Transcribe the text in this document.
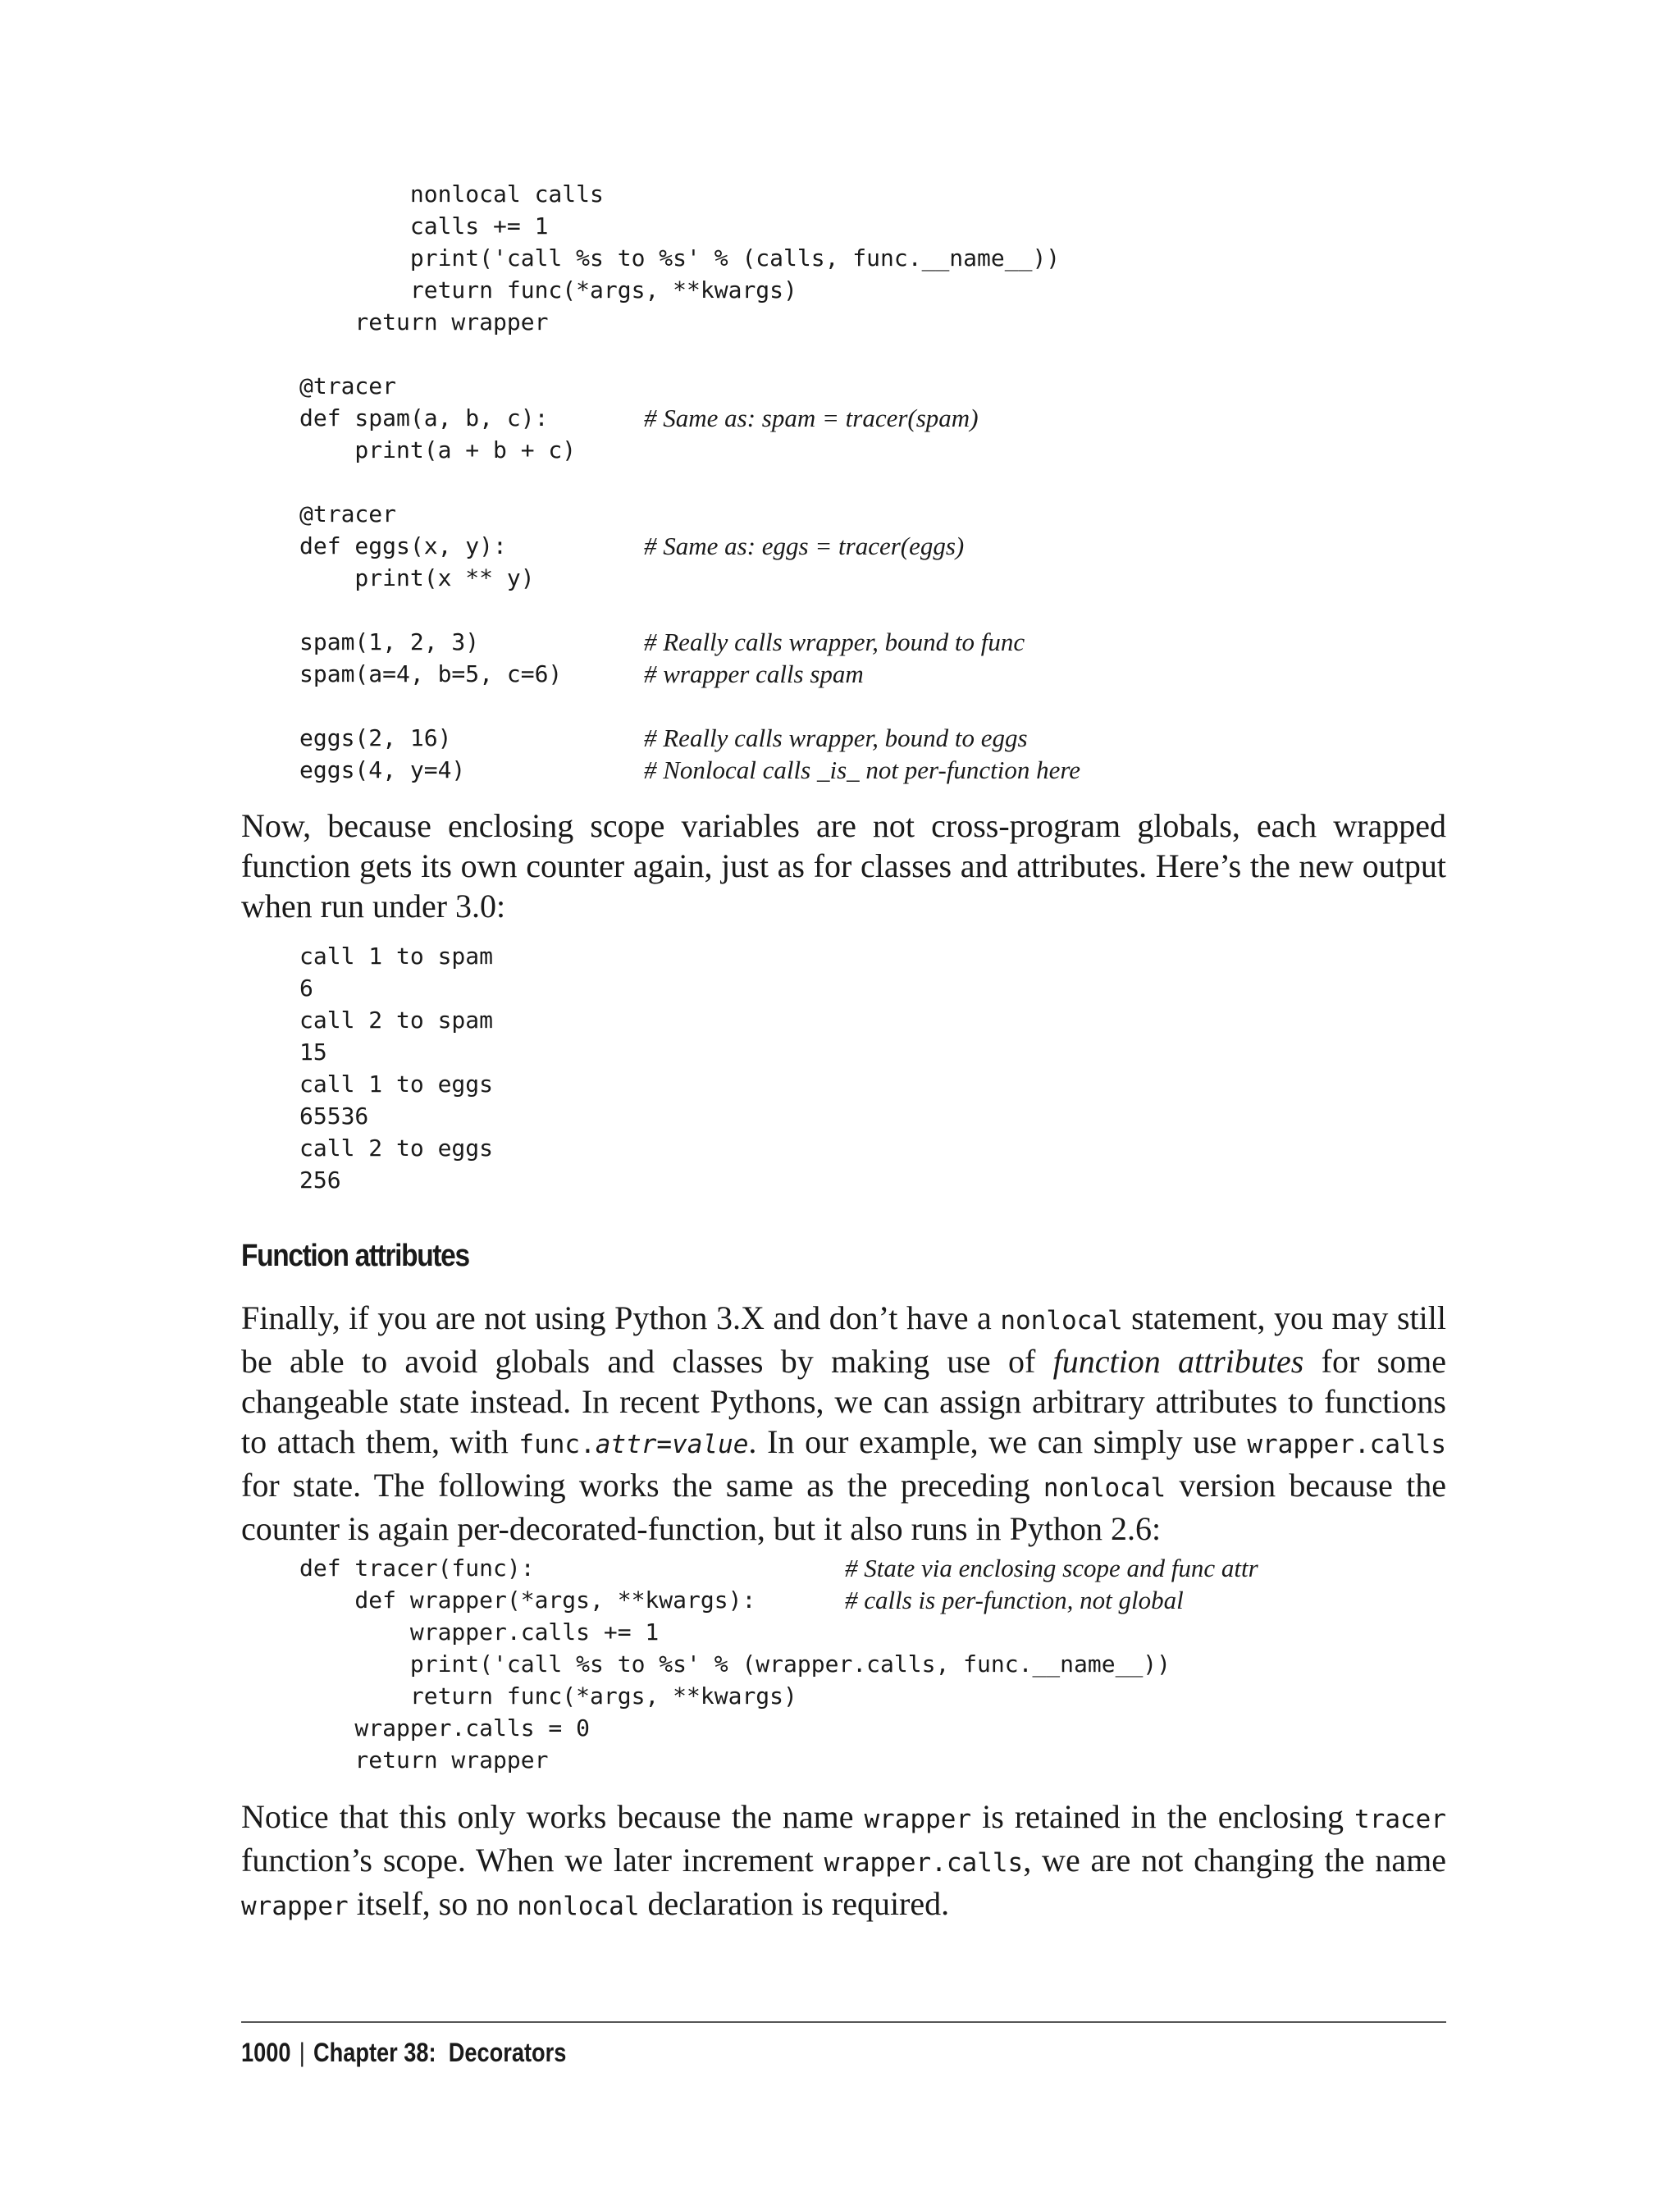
nonlocal calls
calls += 1
print('call %s to %s' % (calls, func.__name__))
return func(*args, **kwargs)
return wrapper
@tracer
def spam(a, b, c):	# Same as: spam = tracer(spam)
print(a + b + c)
@tracer
def eggs(x, y):	# Same as: eggs = tracer(eggs)
print(x ** y)
spam(1, 2, 3)	# Really calls wrapper, bound to func
spam(a=4, b=5, c=6)	# wrapper calls spam
eggs(2, 16)	# Really calls wrapper, bound to eggs
eggs(4, y=4)	# Nonlocal calls _is_ not per-function here

Now, because enclosing scope variables are not cross-program globals, each wrapped function gets its own counter again, just as for classes and attributes. Here’s the new output when run under 3.0:

call 1 to spam
6
call 2 to spam
15
call 1 to eggs
65536
call 2 to eggs
256
Function attributes

Finally, if you are not using Python 3.X and don’t have a nonlocal statement, you may still be able to avoid globals and classes by making use of function attributes for some changeable state instead. In recent Pythons, we can assign arbitrary attributes to functions to attach them, with func.attr=value. In our example, we can simply use wrapper.calls for state. The following works the same as the preceding nonlocal version because the counter is again per-decorated-function, but it also runs in Python 2.6:

def tracer(func):	# State via enclosing scope and func attr
def wrapper(*args, **kwargs):	# calls is per-function, not global
wrapper.calls += 1
print('call %s to %s' % (wrapper.calls, func.__name__))
return func(*args, **kwargs)
wrapper.calls = 0
return wrapper

Notice that this only works because the name wrapper is retained in the enclosing tracer function’s scope. When we later increment wrapper.calls, we are not changing the name wrapper itself, so no nonlocal declaration is required.

1000 | Chapter 38:  Decorators
